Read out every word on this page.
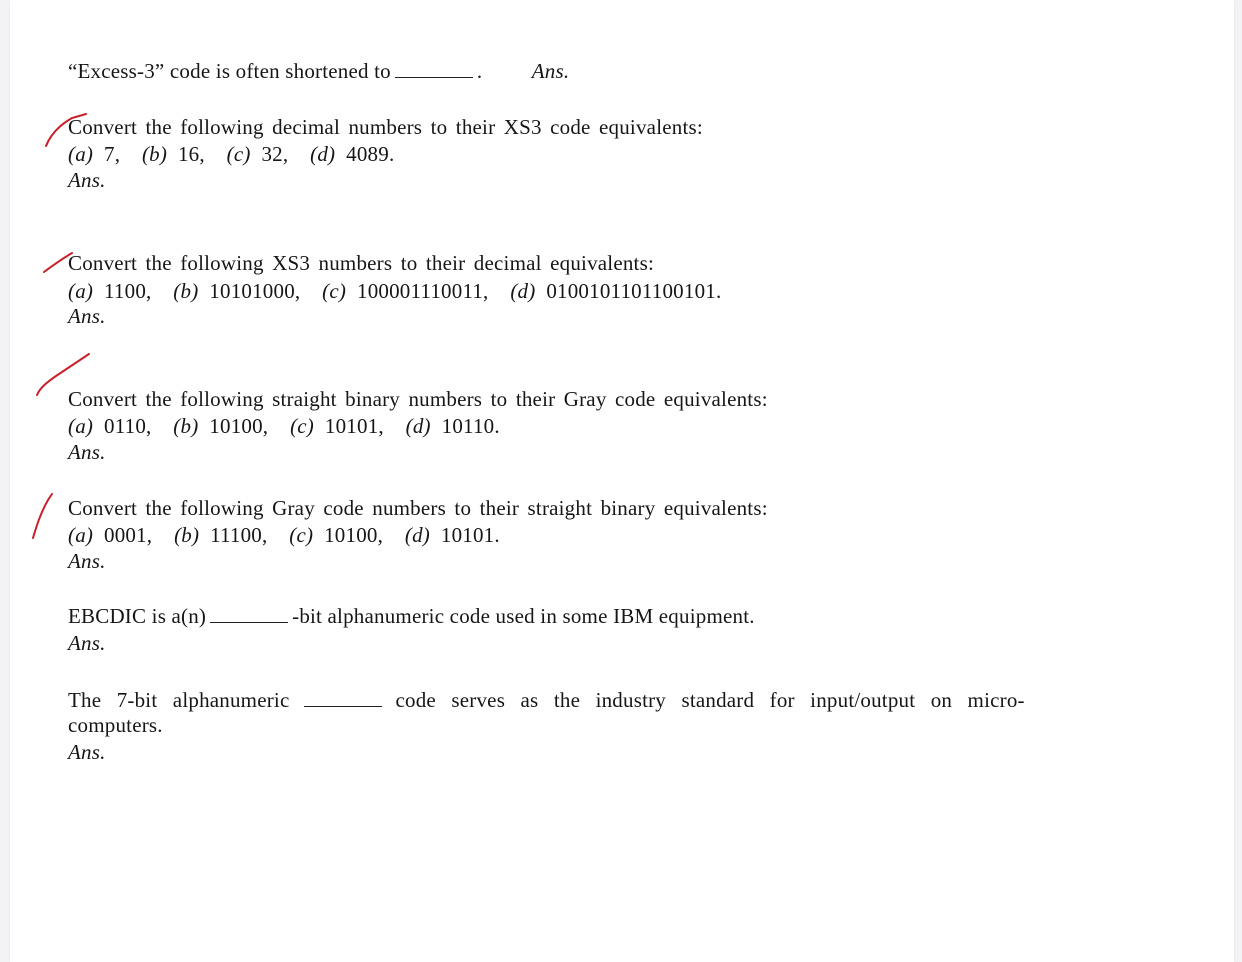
“Excess-3” code is often shortened to	. Ans.
Convert the following decimal numbers to their XS3 code equivalents:
(a) 7, (b) 16, (c) 32, (d) 4089.
Ans.
Convert the following XS3 numbers to their decimal equivalents:
(a) 1100, (b) 10101000, (c) 100001110011, (d) 0100101101100101.
Ans.
Convert the following straight binary numbers to their Gray code equivalents:
(a) 0110, (b) 10100, (c) 10101, (d) 10110.
Ans.
Convert the following Gray code numbers to their straight binary equivalents:
(a) 0001, (b) 11100, (c) 10100, (d) 10101.
Ans.
EBCDIC is a(n)	-bit alphanumeric code used in some IBM equipment.
Ans.
The 7-bit alphanumeric	code serves as the industry standard for input/output on micro-
computers.
Ans.
